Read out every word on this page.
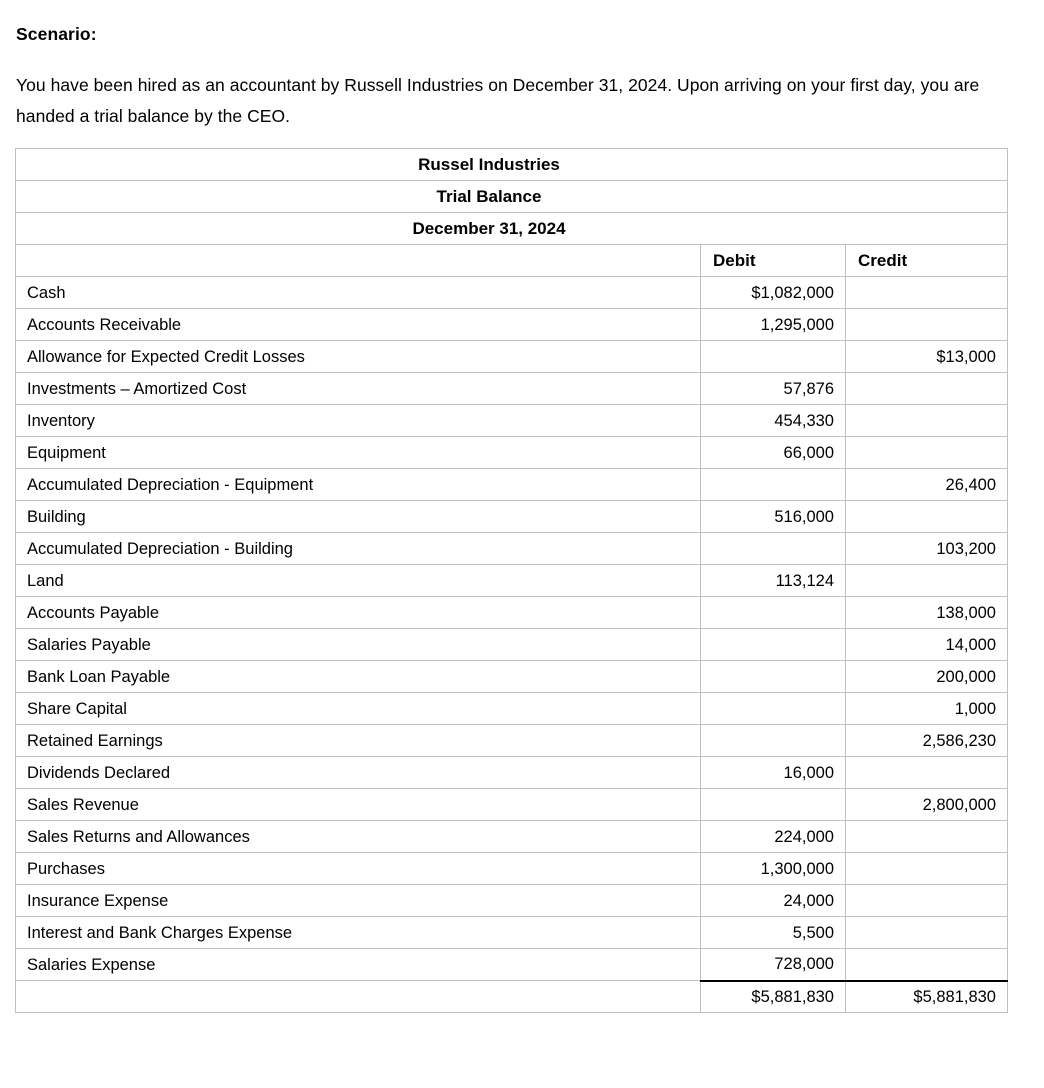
Scenario:
You have been hired as an accountant by Russell Industries on December 31, 2024. Upon arriving on your first day, you are handed a trial balance by the CEO.
Russel Industries		
Trial Balance		
December 31, 2024		
	Debit	Credit
Cash	$1,082,000	
Accounts Receivable	1,295,000	
Allowance for Expected Credit Losses		$13,000
Investments – Amortized Cost	57,876	
Inventory	454,330	
Equipment	66,000	
Accumulated Depreciation - Equipment		26,400
Building	516,000	
Accumulated Depreciation - Building		103,200
Land	113,124	
Accounts Payable		138,000
Salaries Payable		14,000
Bank Loan Payable		200,000
Share Capital		1,000
Retained Earnings		2,586,230
Dividends Declared	16,000	
Sales Revenue		2,800,000
Sales Returns and Allowances	224,000	
Purchases	1,300,000	
Insurance Expense	24,000	
Interest and Bank Charges Expense	5,500	
Salaries Expense	728,000	
	$5,881,830	$5,881,830
